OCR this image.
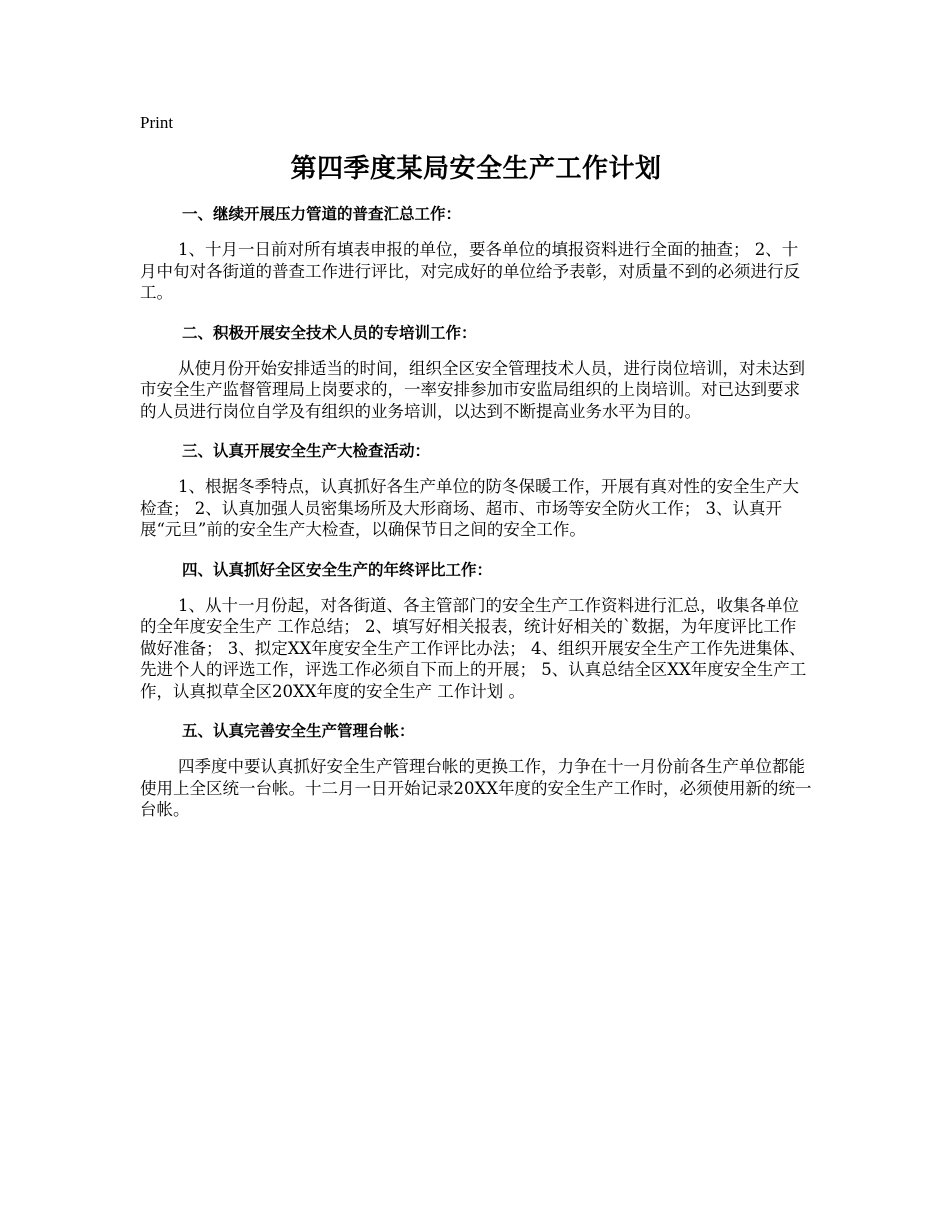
Print
第四季度某局安全生产工作计划
一、继续开展压力管道的普查汇总工作：

1、十月一日前对所有填表申报的单位，要各单位的填报资料进行全面的抽查； 2、十月中旬对各街道的普查工作进行评比，对完成好的单位给予表彰，对质量不到的必须进行反工。

二、积极开展安全技术人员的专培训工作：

从使月份开始安排适当的时间，组织全区安全管理技术人员，进行岗位培训，对未达到市安全生产监督管理局上岗要求的，一率安排参加市安监局组织的上岗培训。对已达到要求的人员进行岗位自学及有组织的业务培训，以达到不断提高业务水平为目的。

三、认真开展安全生产大检查活动：

1、根据冬季特点，认真抓好各生产单位的防冬保暖工作，开展有真对性的安全生产大检查； 2、认真加强人员密集场所及大形商场、超市、市场等安全防火工作； 3、认真开展“元旦”前的安全生产大检查，以确保节日之间的安全工作。

四、认真抓好全区安全生产的年终评比工作：

1、从十一月份起，对各街道、各主管部门的安全生产工作资料进行汇总，收集各单位的全年度安全生产 工作总结； 2、填写好相关报表，统计好相关的`数据，为年度评比工作做好准备； 3、拟定XX年度安全生产工作评比办法； 4、组织开展安全生产工作先进集体、先进个人的评选工作，评选工作必须自下而上的开展； 5、认真总结全区XX年度安全生产工作，认真拟草全区20XX年度的安全生产 工作计划 。

五、认真完善安全生产管理台帐：

四季度中要认真抓好安全生产管理台帐的更换工作，力争在十一月份前各生产单位都能使用上全区统一台帐。十二月一日开始记录20XX年度的安全生产工作时，必须使用新的统一台帐。
